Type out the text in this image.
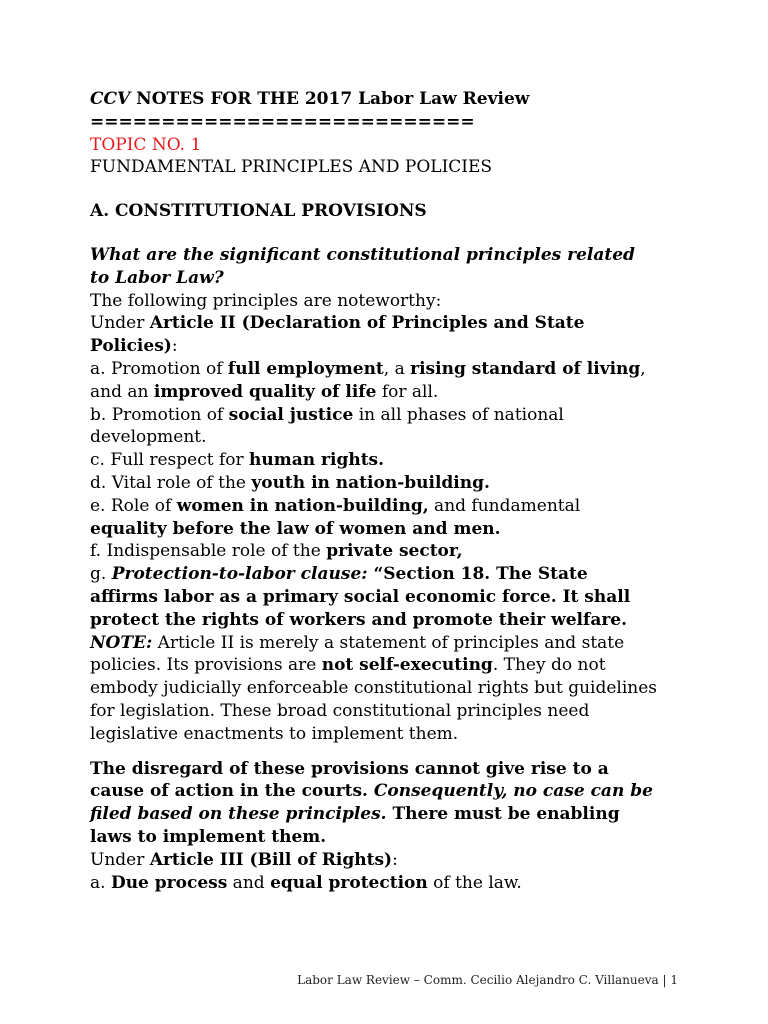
CCV NOTES FOR THE 2017 Labor Law Review
===========================
TOPIC NO. 1
FUNDAMENTAL PRINCIPLES AND POLICIES
A. CONSTITUTIONAL PROVISIONS
What are the significant constitutional principles related
to Labor Law?
The following principles are noteworthy:
Under Article II (Declaration of Principles and State
Policies):
a. Promotion of full employment, a rising standard of living,
and an improved quality of life for all.
b. Promotion of social justice in all phases of national
development.
c. Full respect for human rights.
d. Vital role of the youth in nation-building.
e. Role of women in nation-building, and fundamental
equality before the law of women and men.
f. Indispensable role of the private sector,
g. Protection-to-labor clause: “Section 18. The State
affirms labor as a primary social economic force. It shall
protect the rights of workers and promote their welfare.
NOTE: Article II is merely a statement of principles and state
policies. Its provisions are not self-executing. They do not
embody judicially enforceable constitutional rights but guidelines
for legislation. These broad constitutional principles need
legislative enactments to implement them.
The disregard of these provisions cannot give rise to a
cause of action in the courts. Consequently, no case can be
filed based on these principles. There must be enabling
laws to implement them.
Under Article III (Bill of Rights):
a. Due process and equal protection of the law.
Labor Law Review – Comm. Cecilio Alejandro C. Villanueva | 1
